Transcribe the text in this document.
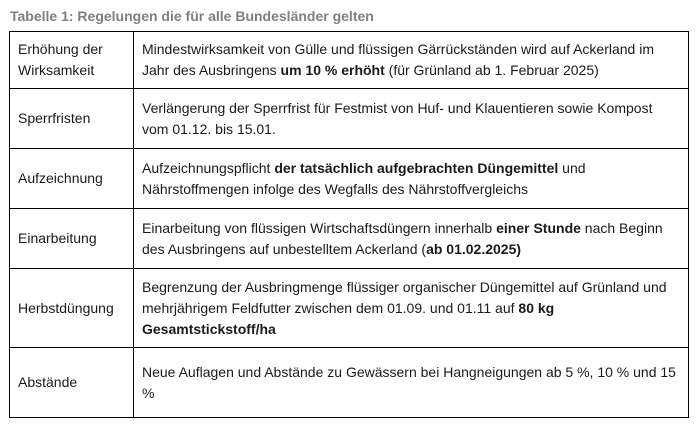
Tabelle 1: Regelungen die für alle Bundesländer gelten
Erhöhung der Wirksamkeit	Mindestwirksamkeit von Gülle und flüssigen Gärrückständen wird auf Ackerland im Jahr des Ausbringens um 10 % erhöht (für Grünland ab 1. Februar 2025)
Sperrfristen	Verlängerung der Sperrfrist für Festmist von Huf- und Klauentieren sowie Kompost vom 01.12. bis 15.01.
Aufzeichnung	Aufzeichnungspflicht der tatsächlich aufgebrachten Düngemittel und Nährstoffmengen infolge des Wegfalls des Nährstoffvergleichs
Einarbeitung	Einarbeitung von flüssigen Wirtschaftsdüngern innerhalb einer Stunde nach Beginn des Ausbringens auf unbestelltem Ackerland (ab 01.02.2025)
Herbstdüngung	Begrenzung der Ausbringmenge flüssiger organischer Düngemittel auf Grünland und mehrjährigem Feldfutter zwischen dem 01.09. und 01.11 auf 80 kg Gesamtstickstoff/ha
Abstände	Neue Auflagen und Abstände zu Gewässern bei Hangneigungen ab 5 %, 10 % und 15 %
